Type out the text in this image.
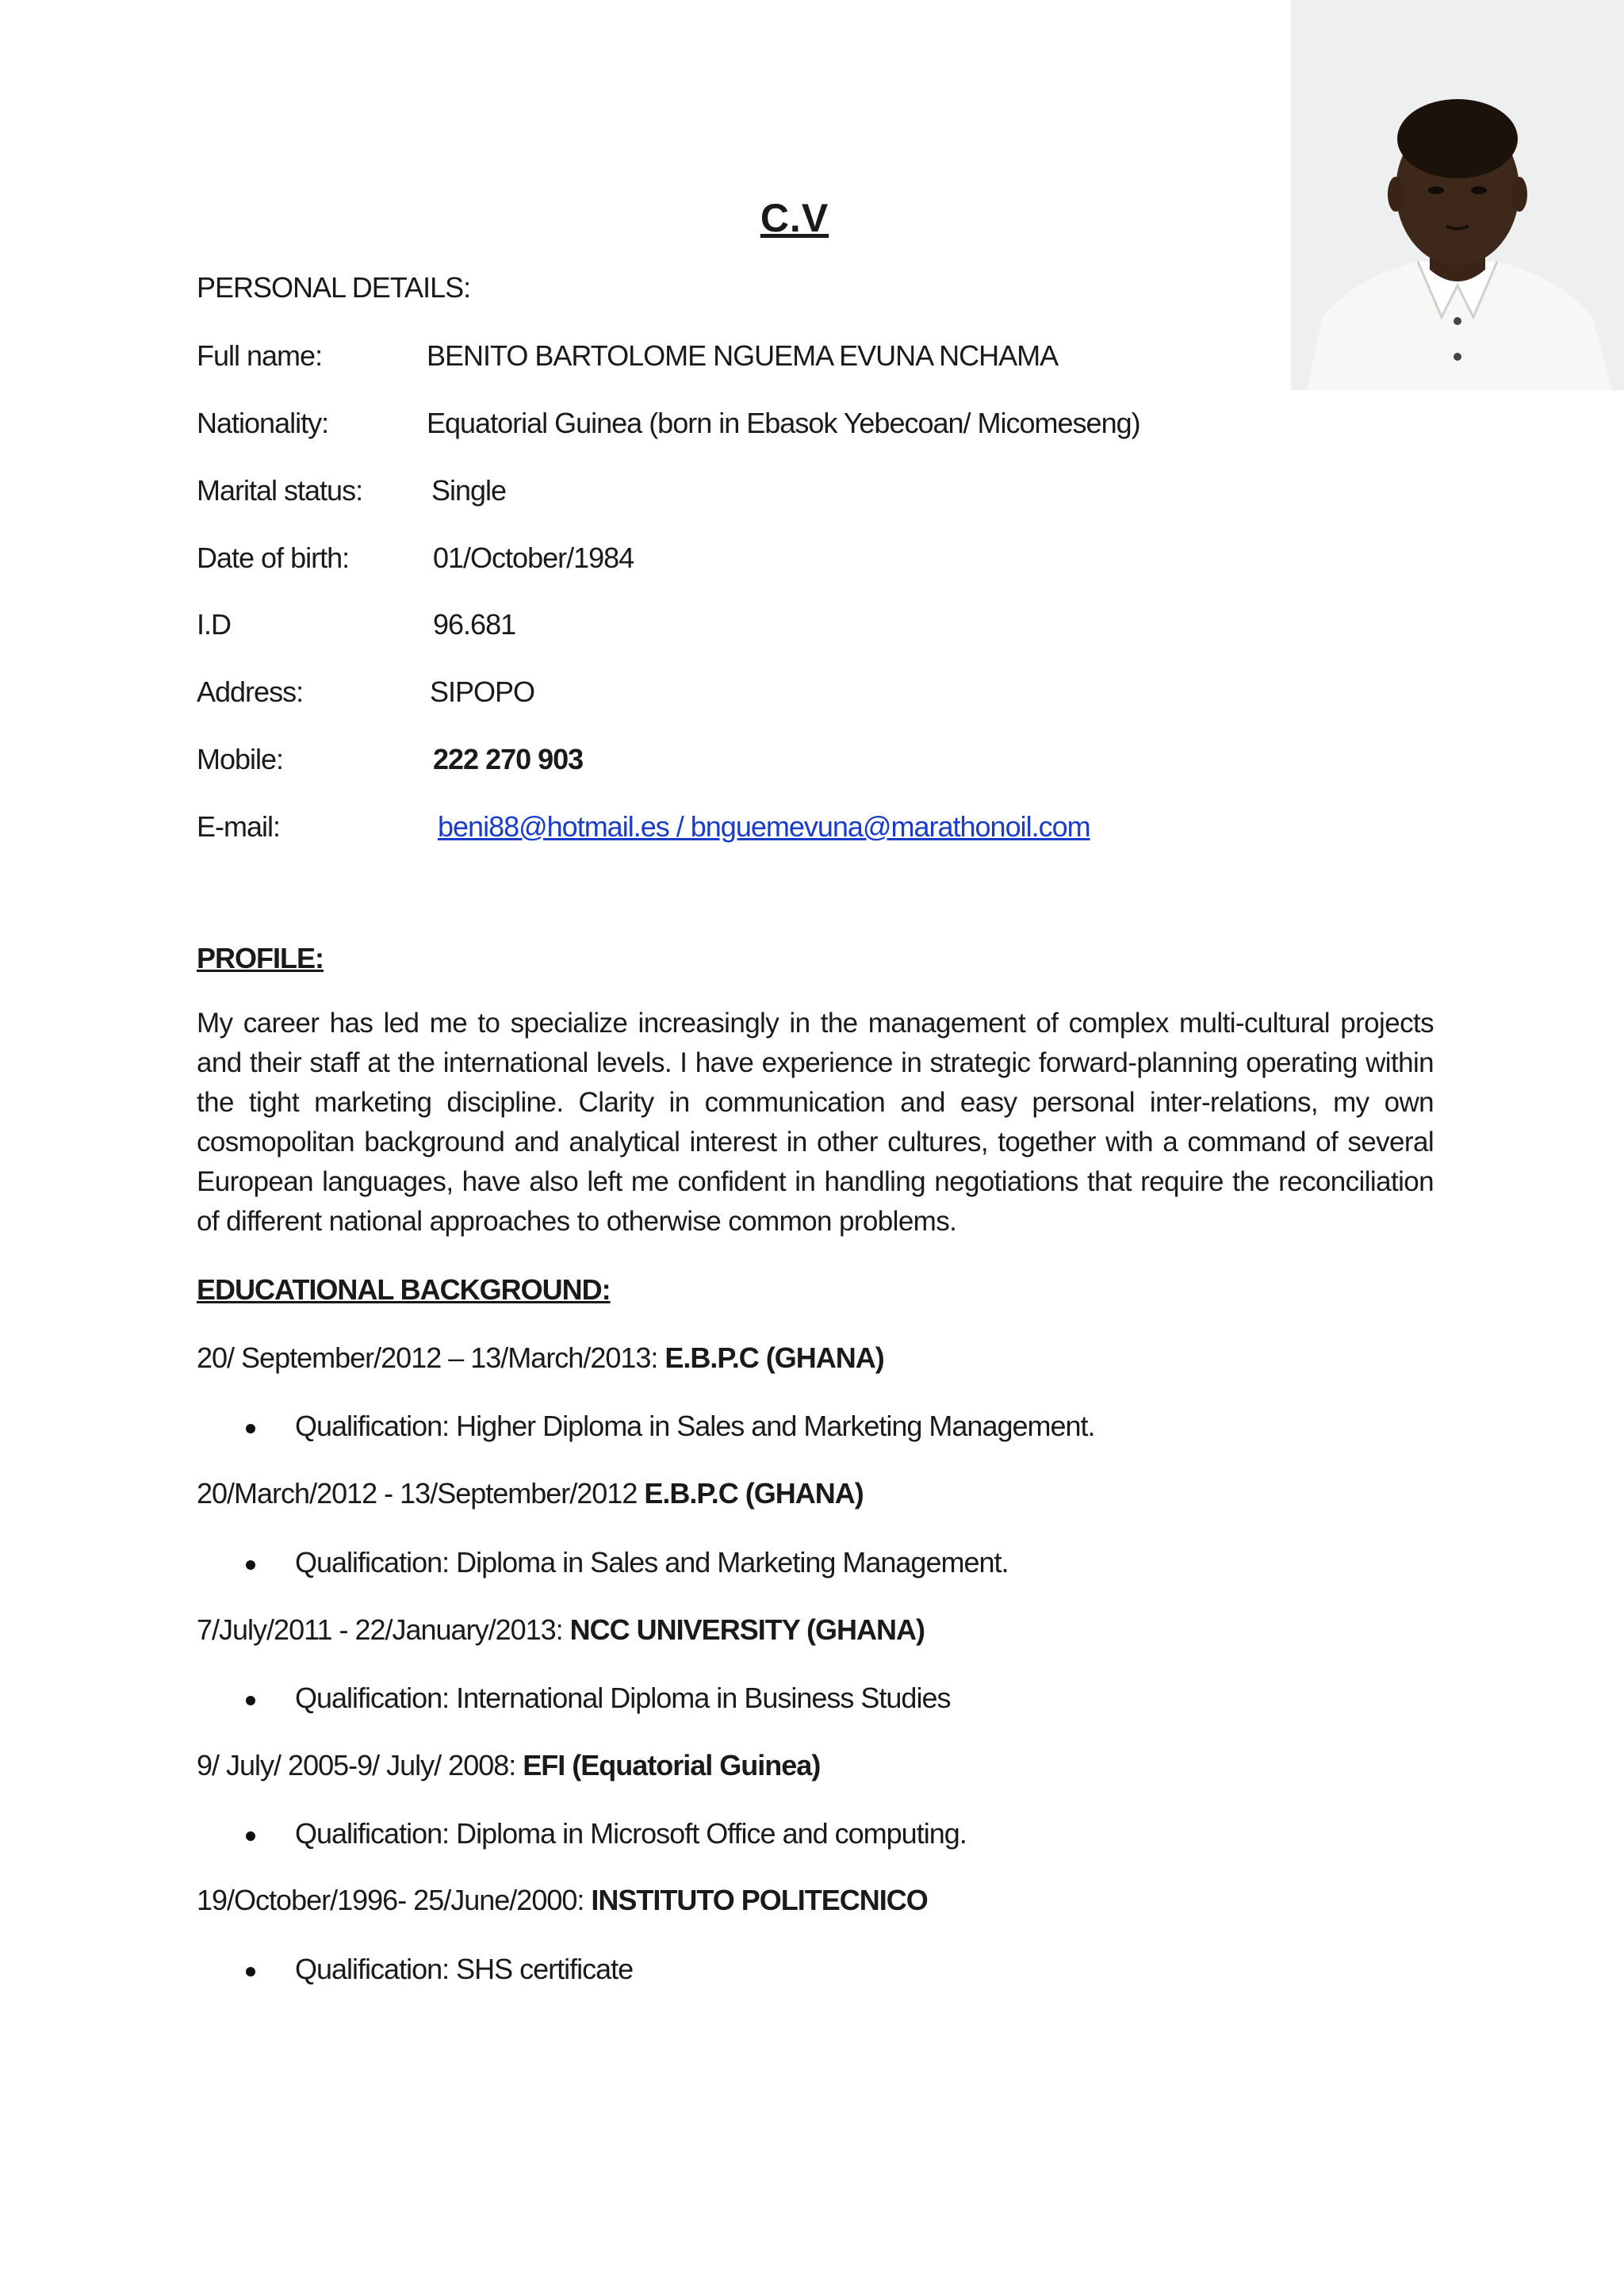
C.V
PERSONAL DETAILS:
Full name:	BENITO BARTOLOME NGUEMA EVUNA NCHAMA
Nationality:	Equatorial Guinea (born in Ebasok Yebecoan/ Micomeseng)
Marital status: Single
Date of birth:	01/October/1984
I.D	96.681
Address:	SIPOPO
Mobile:	222 270 903
E-mail:	beni88@hotmail.es / bnguemevuna@marathonoil.com
PROFILE:
My career has led me to specialize increasingly in the management of complex multi-cultural projects and their staff at the international levels. I have experience in strategic forward-planning operating within the tight marketing discipline. Clarity in communication and easy personal inter-relations, my own cosmopolitan background and analytical interest in other cultures, together with a command of several European languages, have also left me confident in handling negotiations that require the reconciliation of different national approaches to otherwise common problems.
EDUCATIONAL BACKGROUND:
20/ September/2012 – 13/March/2013: E.B.P.C (GHANA)
Qualification: Higher Diploma in Sales and Marketing Management.
20/March/2012 - 13/September/2012 E.B.P.C (GHANA)
Qualification: Diploma in Sales and Marketing Management.
7/July/2011 - 22/January/2013: NCC UNIVERSITY (GHANA)
Qualification: International Diploma in Business Studies
9/ July/ 2005-9/ July/ 2008: EFI (Equatorial Guinea)
Qualification: Diploma in Microsoft Office and computing.
19/October/1996- 25/June/2000: INSTITUTO POLITECNICO
Qualification: SHS certificate
